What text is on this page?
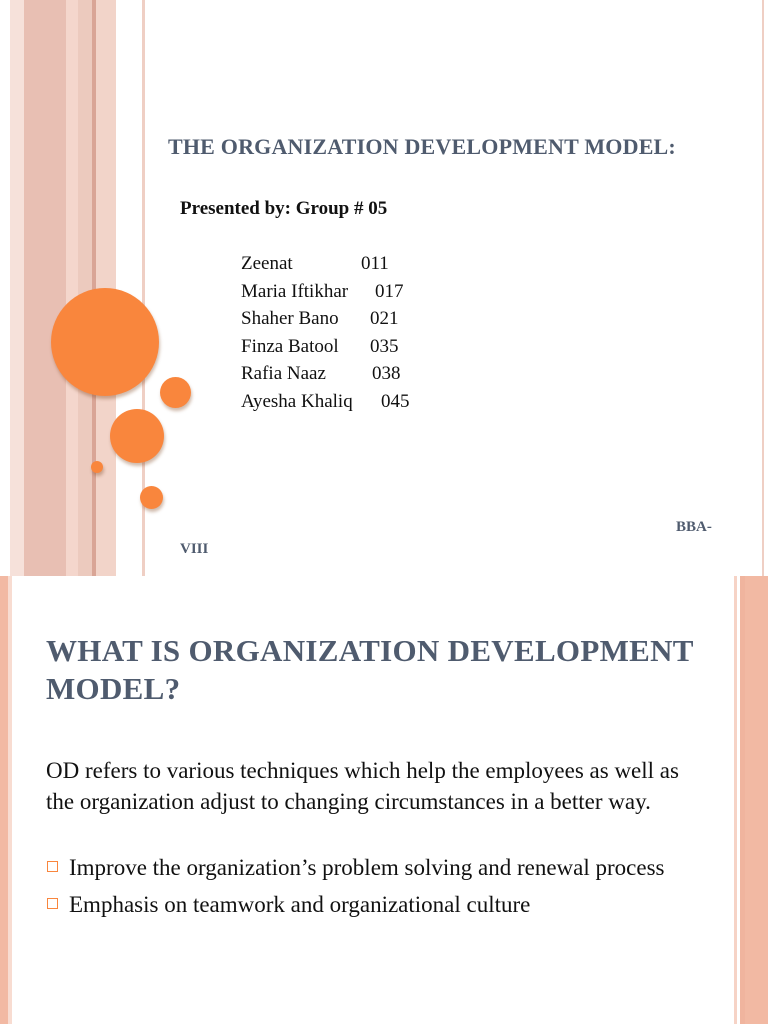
THE ORGANIZATION DEVELOPMENT MODEL:

Presented by: Group # 05

Zeenat	011
Maria Iftikhar 017
Shaher Bano 021
Finza Batool 035
Rafia Naaz 038
Ayesha Khaliq 045
BBA-
VIII
WHAT IS ORGANIZATION DEVELOPMENT MODEL?

OD refers to various techniques which help the employees as well as the organization adjust to changing circumstances in a better way.

Improve the organization’s problem solving and renewal process
Emphasis on teamwork and organizational culture
